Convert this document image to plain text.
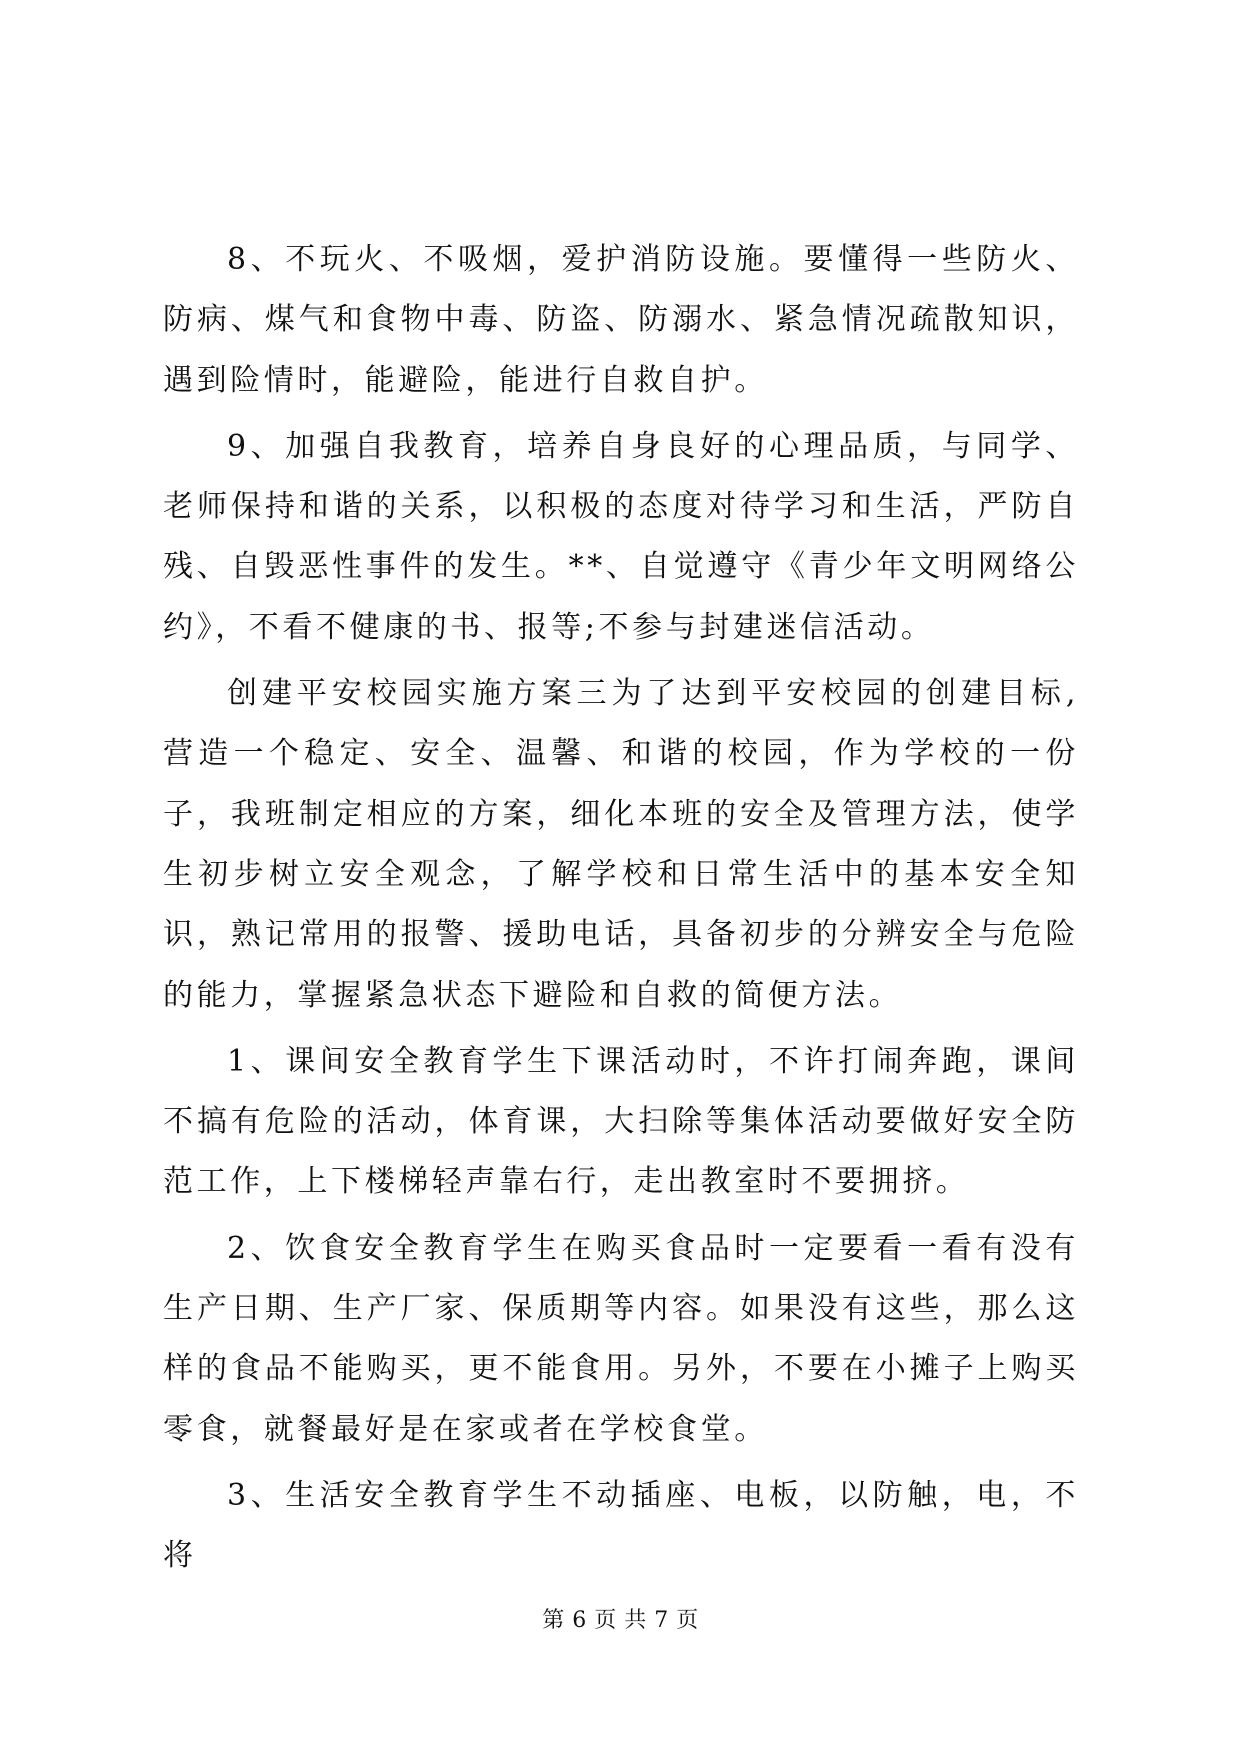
8、不玩火、不吸烟，爱护消防设施。要懂得一些防火、防病、煤气和食物中毒、防盗、防溺水、紧急情况疏散知识，遇到险情时，能避险，能进行自救自护。

9、加强自我教育，培养自身良好的心理品质，与同学、老师保持和谐的关系，以积极的态度对待学习和生活，严防自残、自毁恶性事件的发生。**、自觉遵守《青少年文明网络公约》，不看不健康的书、报等;不参与封建迷信活动。

创建平安校园实施方案三为了达到平安校园的创建目标,营造一个稳定、安全、温馨、和谐的校园，作为学校的一份子，我班制定相应的方案，细化本班的安全及管理方法，使学生初步树立安全观念，了解学校和日常生活中的基本安全知识，熟记常用的报警、援助电话，具备初步的分辨安全与危险的能力，掌握紧急状态下避险和自救的简便方法。

1、课间安全教育学生下课活动时，不许打闹奔跑，课间不搞有危险的活动，体育课，大扫除等集体活动要做好安全防范工作，上下楼梯轻声靠右行，走出教室时不要拥挤。

2、饮食安全教育学生在购买食品时一定要看一看有没有生产日期、生产厂家、保质期等内容。如果没有这些，那么这样的食品不能购买，更不能食用。另外，不要在小摊子上购买零食，就餐最好是在家或者在学校食堂。

3、生活安全教育学生不动插座、电板，以防触，电，不将

第 6 页 共 7 页
